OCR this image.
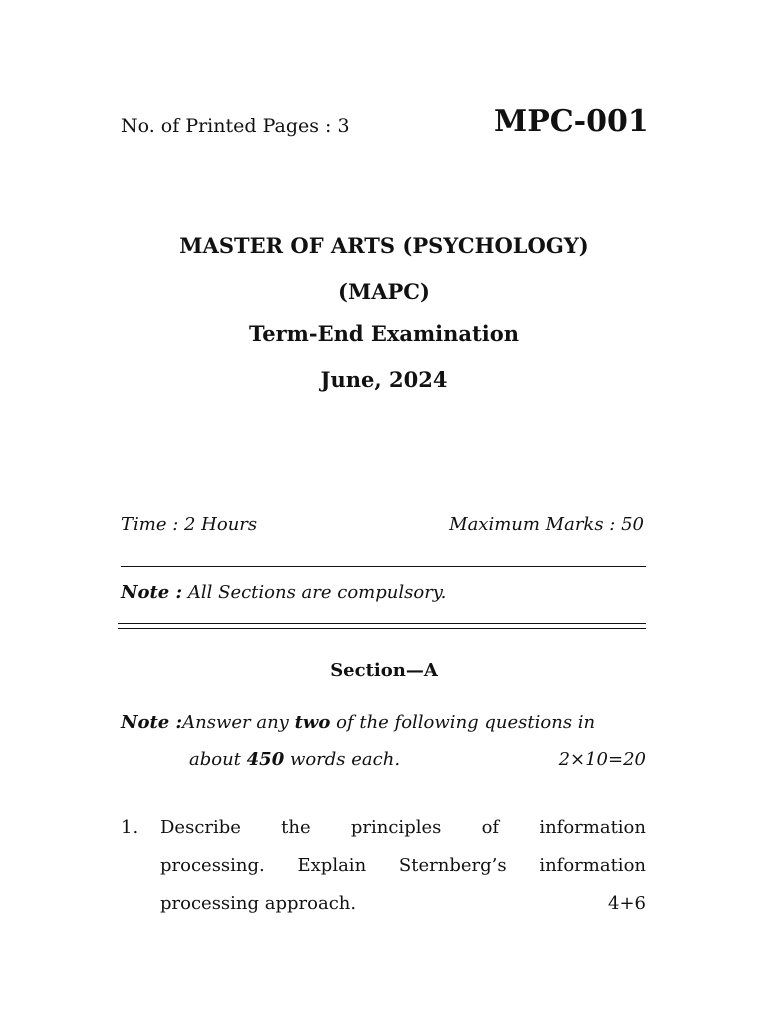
No. of Printed Pages : 3	MPC-001
MASTER OF ARTS (PSYCHOLOGY)
(MAPC)
Term-End Examination
June, 2024
Time : 2 Hours	Maximum Marks : 50
Note : All Sections are compulsory.
Section—A
Note :Answer any two of the following questions in
about 450 words each.	2×10=20
1. Describe the principles of information
processing. Explain Sternberg’s information
processing approach.	4+6
